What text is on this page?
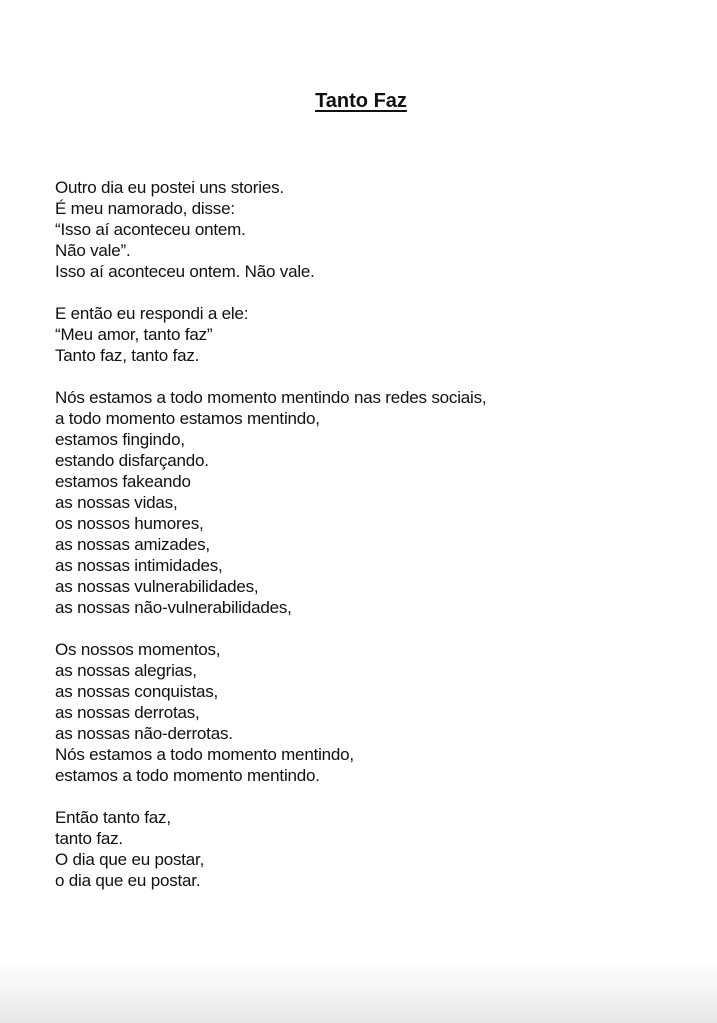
Tanto Faz
Outro dia eu postei uns stories.
É meu namorado, disse:
“Isso aí aconteceu ontem.
Não vale”.
Isso aí aconteceu ontem. Não vale.
E então eu respondi a ele:
“Meu amor, tanto faz”
Tanto faz, tanto faz.
Nós estamos a todo momento mentindo nas redes sociais,
a todo momento estamos mentindo,
estamos fingindo,
estando disfarçando.
estamos fakeando
as nossas vidas,
os nossos humores,
as nossas amizades,
as nossas intimidades,
as nossas vulnerabilidades,
as nossas não-vulnerabilidades,
Os nossos momentos,
as nossas alegrias,
as nossas conquistas,
as nossas derrotas,
as nossas não-derrotas.
Nós estamos a todo momento mentindo,
estamos a todo momento mentindo.
Então tanto faz,
tanto faz.
O dia que eu postar,
o dia que eu postar.
